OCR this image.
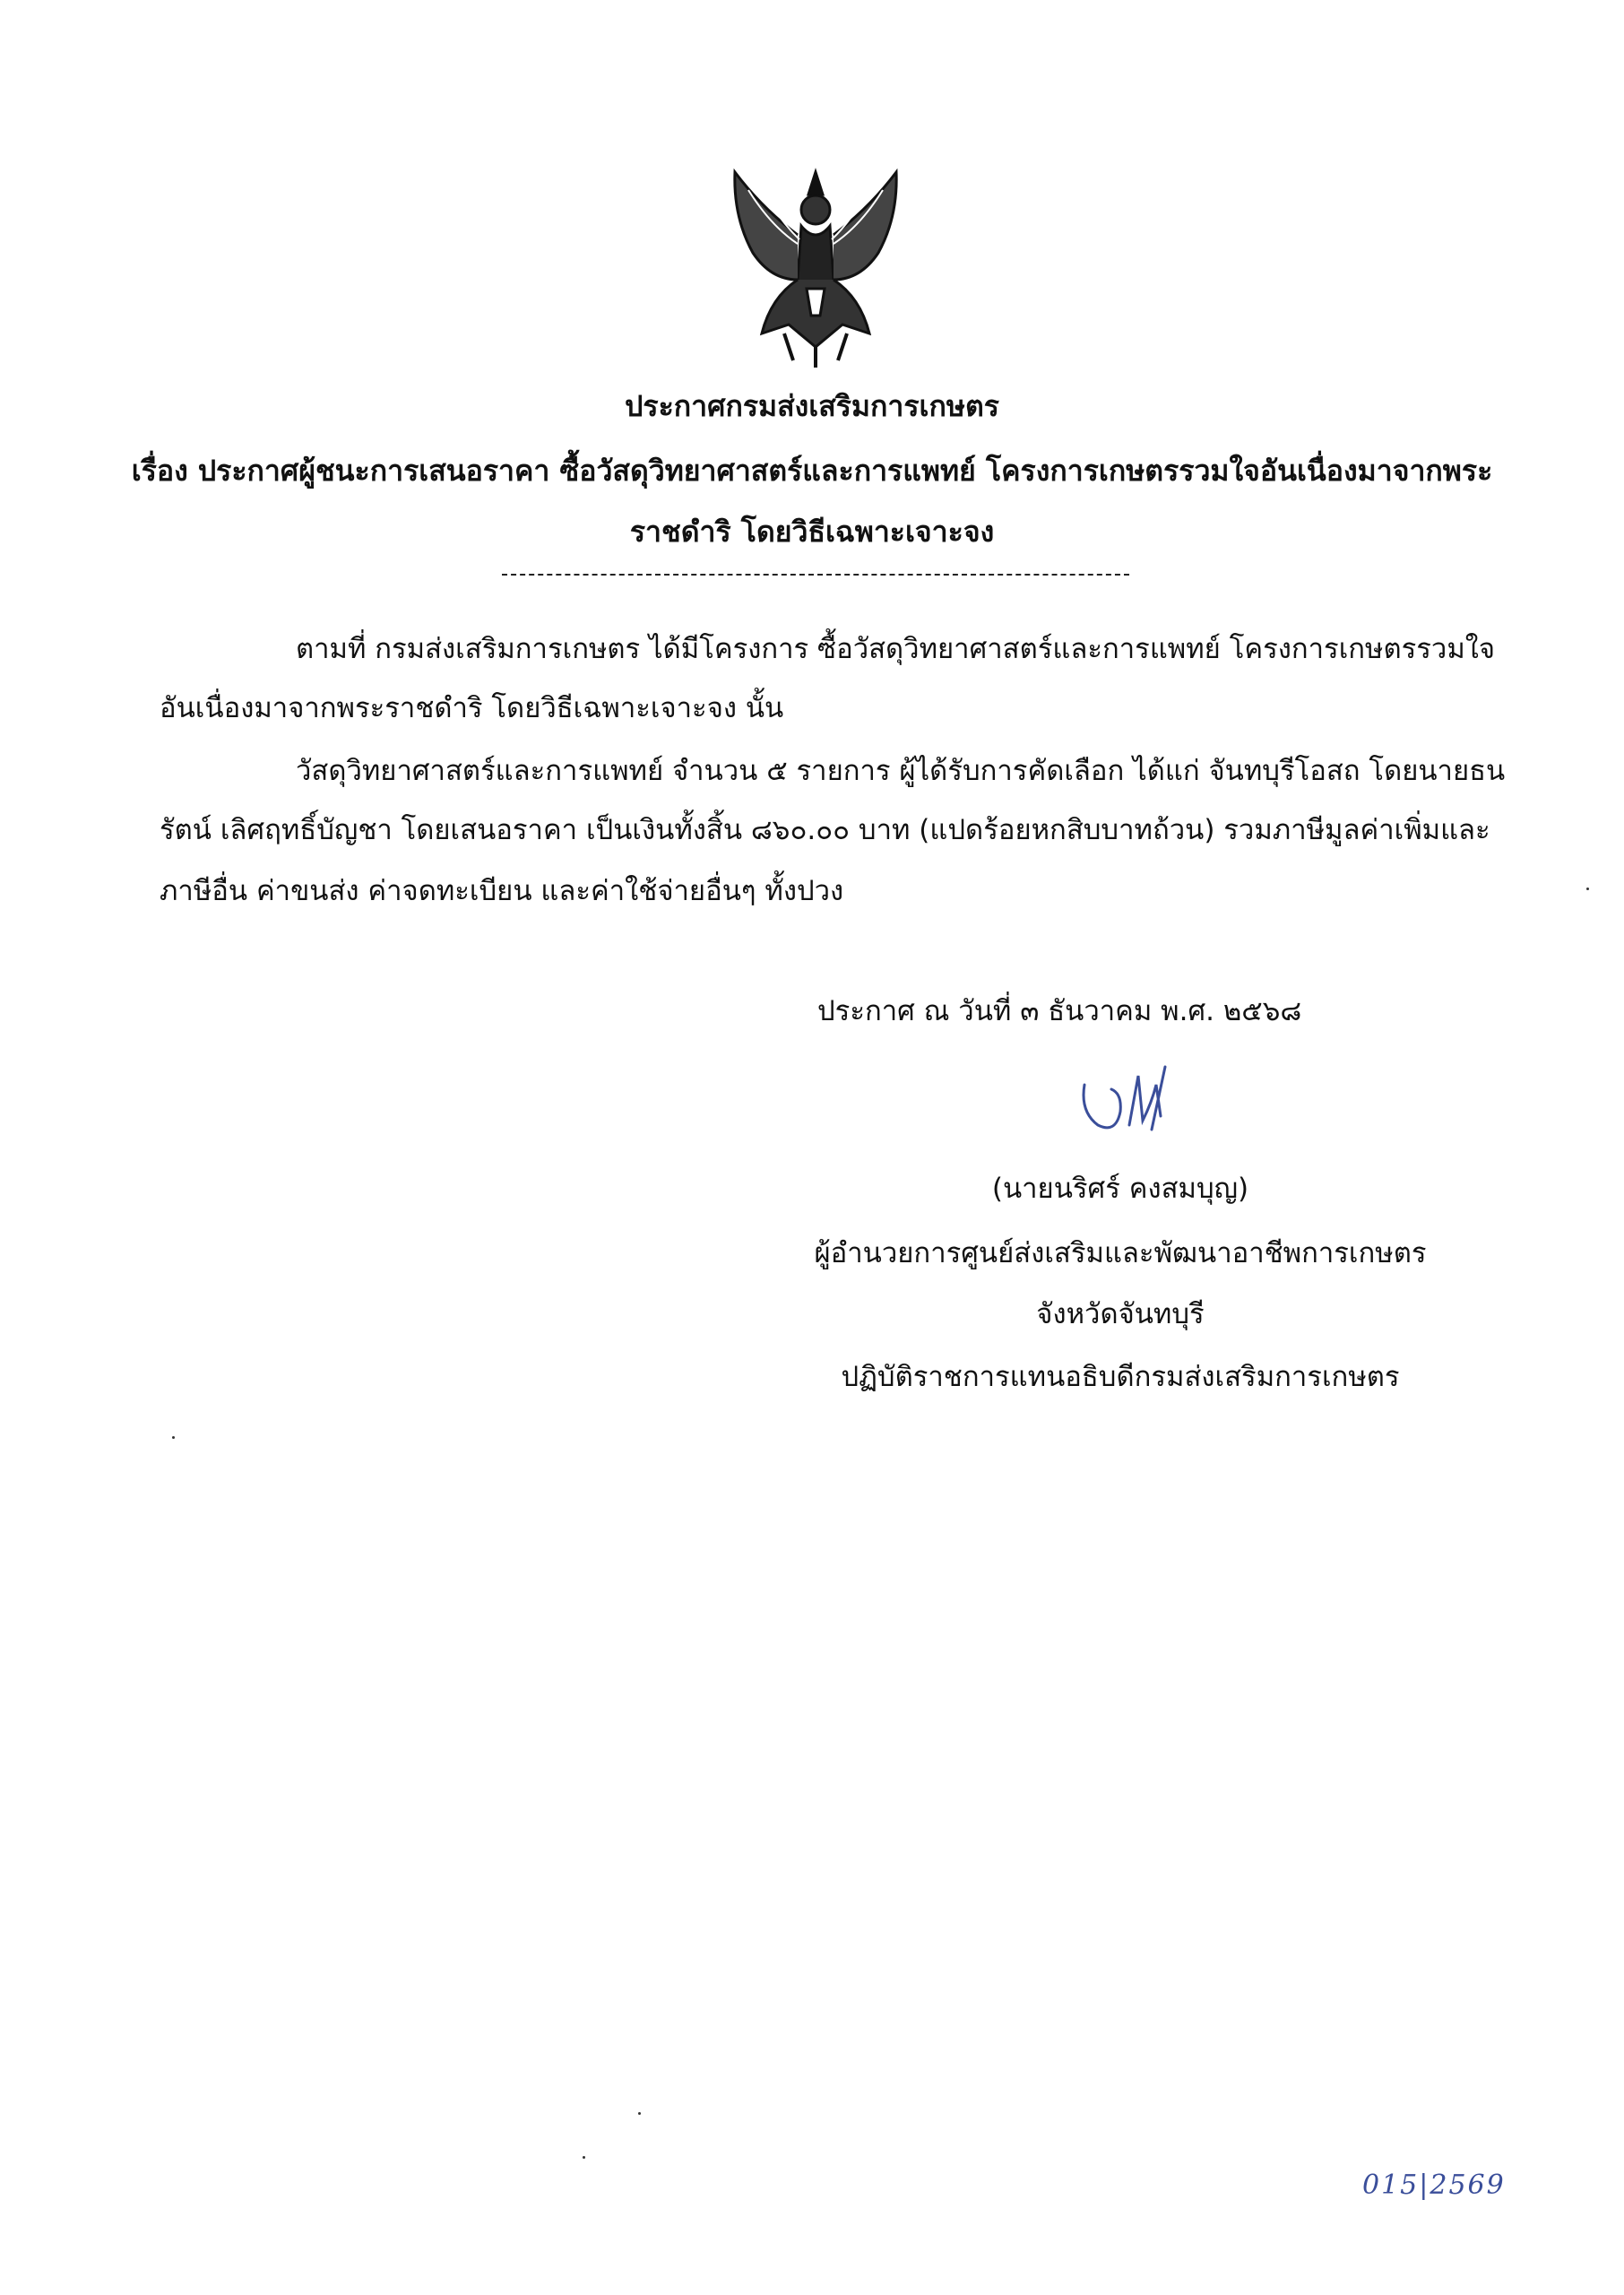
ประกาศกรมส่งเสริมการเกษตร
เรื่อง ประกาศผู้ชนะการเสนอราคา ซื้อวัสดุวิทยาศาสตร์และการแพทย์ โครงการเกษตรรวมใจอันเนื่องมาจากพระ
ราชดำริ โดยวิธีเฉพาะเจาะจง
ตามที่ กรมส่งเสริมการเกษตร ได้มีโครงการ ซื้อวัสดุวิทยาศาสตร์และการแพทย์ โครงการเกษตรรวมใจ
อันเนื่องมาจากพระราชดำริ โดยวิธีเฉพาะเจาะจง นั้น
วัสดุวิทยาศาสตร์และการแพทย์ จำนวน ๕ รายการ ผู้ได้รับการคัดเลือก ได้แก่ จันทบุรีโอสถ โดยนายธน
รัตน์ เลิศฤทธิ์บัญชา โดยเสนอราคา เป็นเงินทั้งสิ้น ๘๖๐.๐๐ บาท (แปดร้อยหกสิบบาทถ้วน) รวมภาษีมูลค่าเพิ่มและ
ภาษีอื่น ค่าขนส่ง ค่าจดทะเบียน และค่าใช้จ่ายอื่นๆ ทั้งปวง
ประกาศ ณ วันที่ ๓ ธันวาคม พ.ศ. ๒๕๖๘
(นายนริศร์ คงสมบุญ)
ผู้อำนวยการศูนย์ส่งเสริมและพัฒนาอาชีพการเกษตร
จังหวัดจันทบุรี
ปฏิบัติราชการแทนอธิบดีกรมส่งเสริมการเกษตร
015|2569
